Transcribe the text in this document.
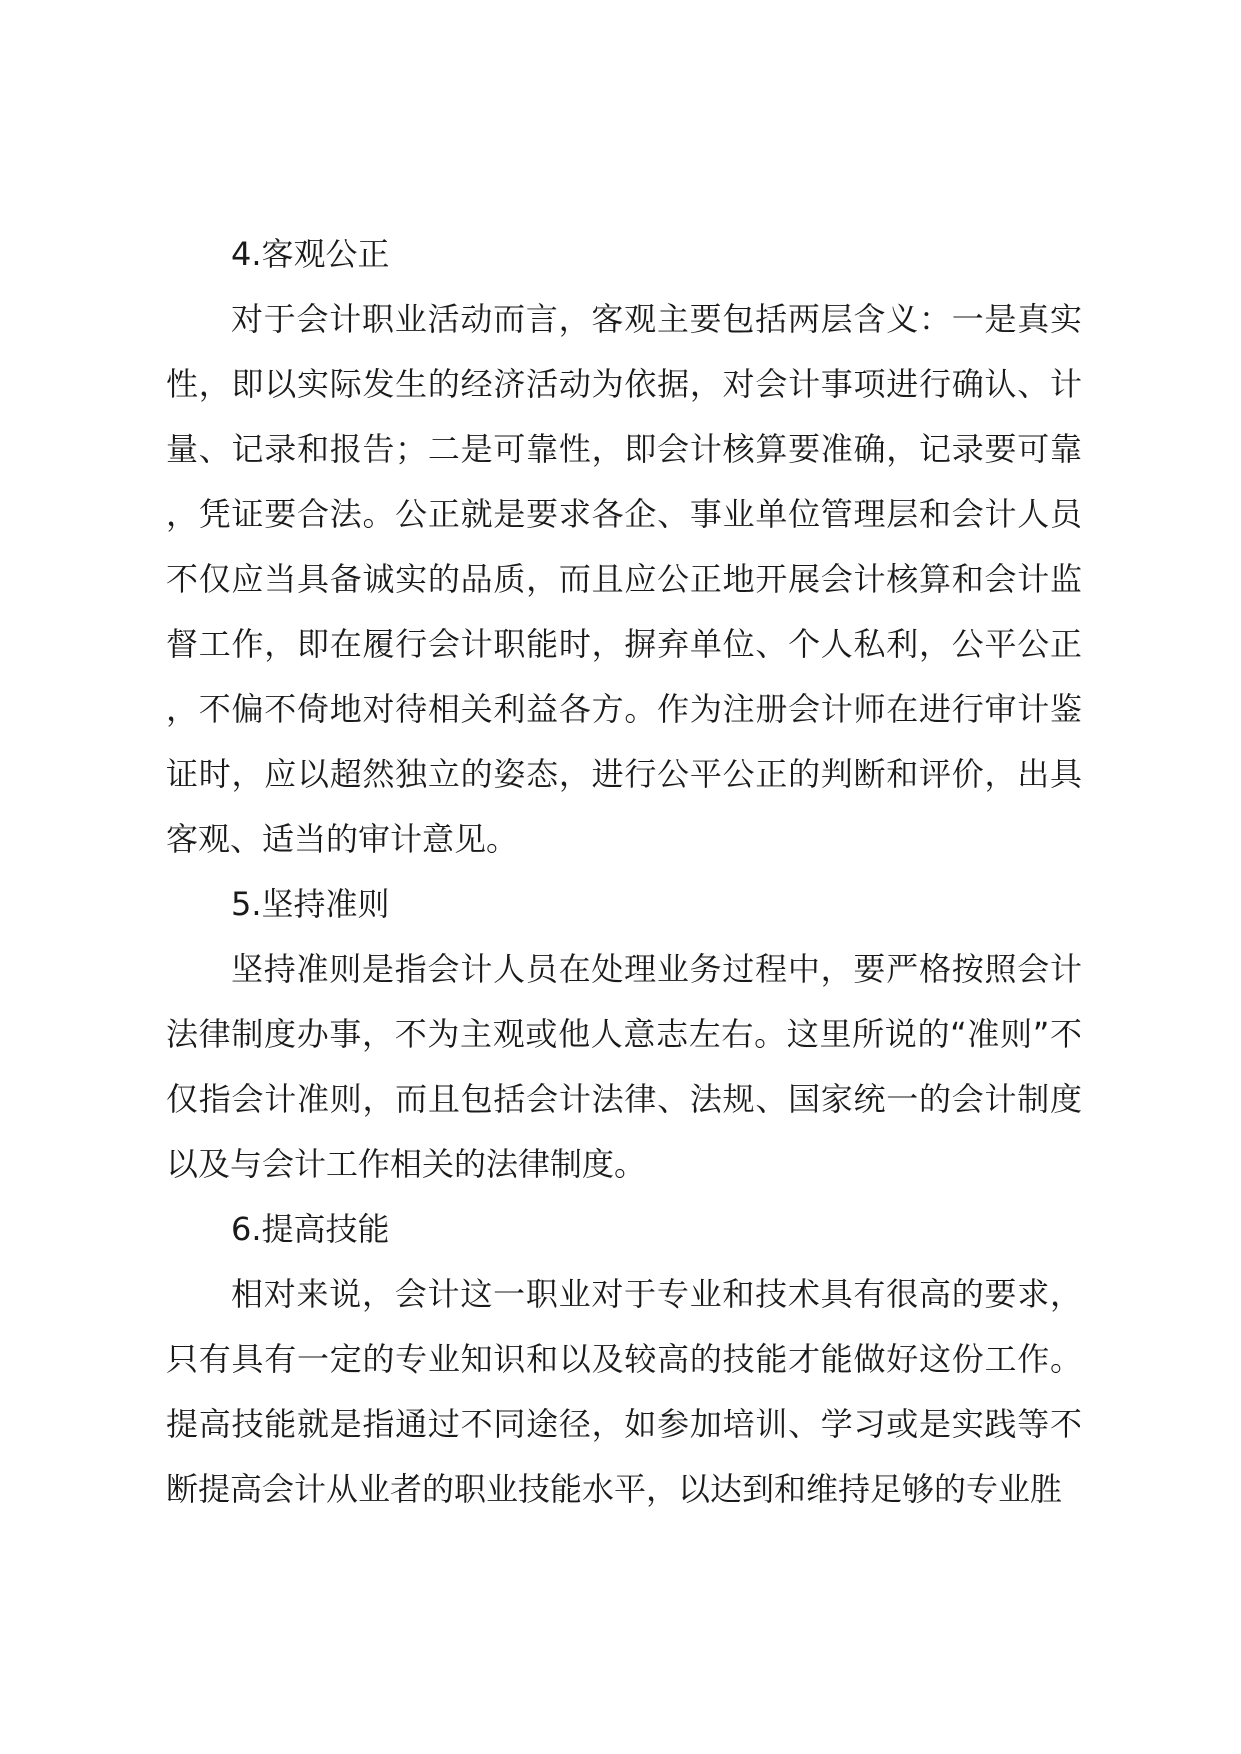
4.客观公正

对于会计职业活动而言，客观主要包括两层含义：一是真实性，即以实际发生的经济活动为依据，对会计事项进行确认、计量、记录和报告；二是可靠性，即会计核算要准确，记录要可靠，凭证要合法。公正就是要求各企、事业单位管理层和会计人员不仅应当具备诚实的品质，而且应公正地开展会计核算和会计监督工作，即在履行会计职能时，摒弃单位、个人私利，公平公正，不偏不倚地对待相关利益各方。作为注册会计师在进行审计鉴证时，应以超然独立的姿态，进行公平公正的判断和评价，出具客观、适当的审计意见。

5.坚持准则

坚持准则是指会计人员在处理业务过程中，要严格按照会计法律制度办事，不为主观或他人意志左右。这里所说的“准则”不仅指会计准则，而且包括会计法律、法规、国家统一的会计制度以及与会计工作相关的法律制度。

6.提高技能

相对来说，会计这一职业对于专业和技术具有很高的要求，只有具有一定的专业知识和以及较高的技能才能做好这份工作。提高技能就是指通过不同途径，如参加培训、学习或是实践等不断提高会计从业者的职业技能水平，以达到和维持足够的专业胜
